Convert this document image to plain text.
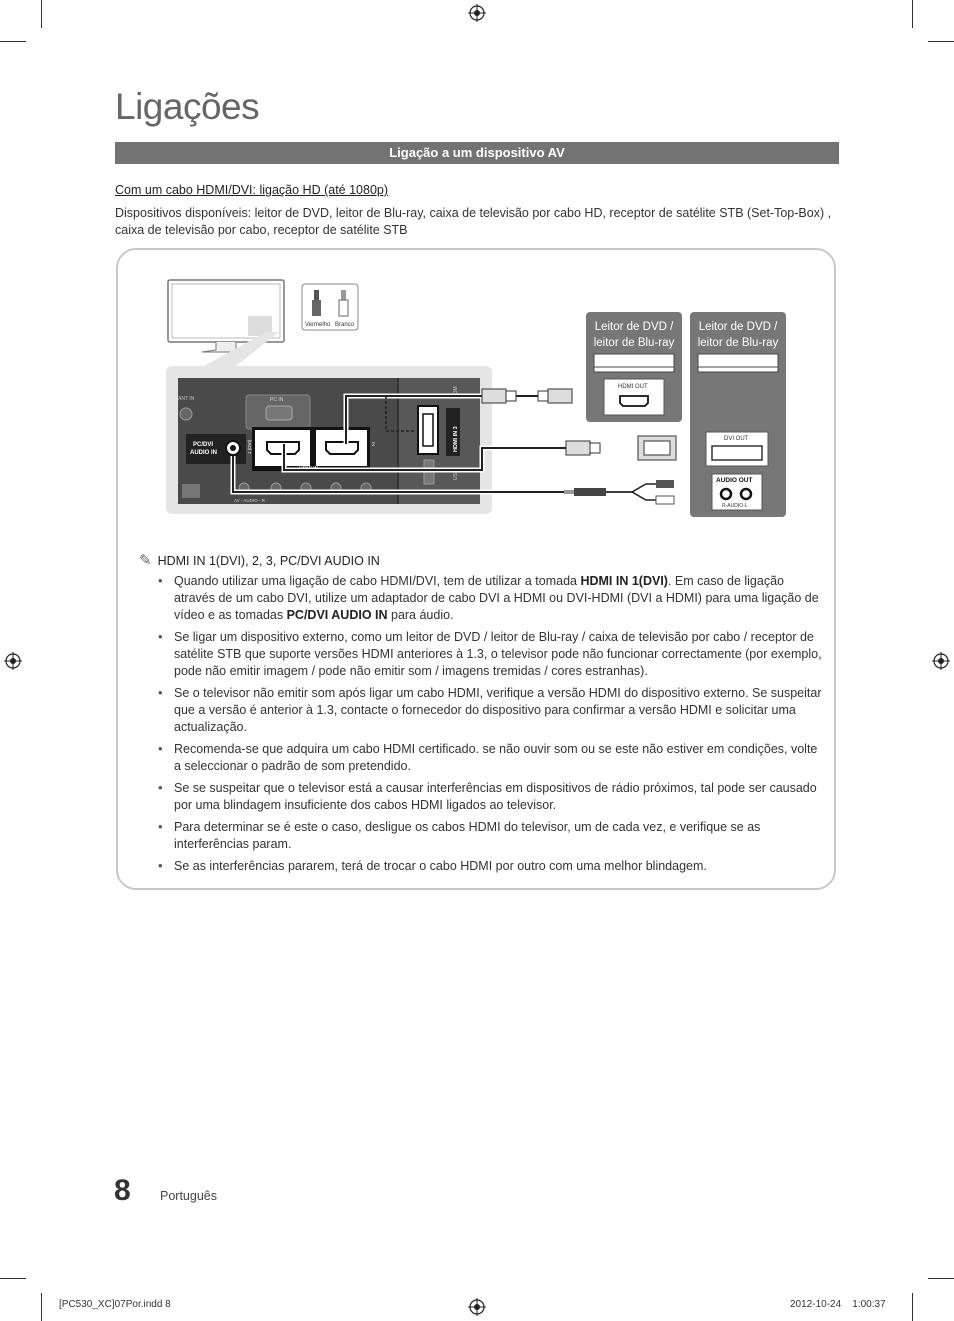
Ligações
Ligação a um dispositivo AV
Com um cabo HDMI/DVI: ligação HD (até 1080p)
Dispositivos disponíveis: leitor de DVD, leitor de Blu-ray, caixa de televisão por cabo HD, receptor de satélite STB (Set-Top-Box) , caixa de televisão por cabo, receptor de satélite STB
Vermelho Branco
ANT IN	PC IN
PC/DVI
AUDIO IN	1 (DVI)	2
HDMI IN
HDMI IN 3
COM
USB
AV - AUDIO - R
Leitor de DVD /
leitor de Blu-ray
HDMI OUT
Leitor de DVD /
leitor de Blu-ray
DVI OUT
AUDIO OUT
R-AUDIO-L
✎ HDMI IN 1(DVI), 2, 3, PC/DVI AUDIO IN
• Quando utilizar uma ligação de cabo HDMI/DVI, tem de utilizar a tomada HDMI IN 1(DVI). Em caso de ligação através de um cabo DVI, utilize um adaptador de cabo DVI a HDMI ou DVI-HDMI (DVI a HDMI) para uma ligação de vídeo e as tomadas PC/DVI AUDIO IN para áudio.
• Se ligar um dispositivo externo, como um leitor de DVD / leitor de Blu-ray / caixa de televisão por cabo / receptor de satélite STB que suporte versões HDMI anteriores à 1.3, o televisor pode não funcionar correctamente (por exemplo, pode não emitir imagem / pode não emitir som / imagens tremidas / cores estranhas).
• Se o televisor não emitir som após ligar um cabo HDMI, verifique a versão HDMI do dispositivo externo. Se suspeitar que a versão é anterior à 1.3, contacte o fornecedor do dispositivo para confirmar a versão HDMI e solicitar uma actualização.
• Recomenda-se que adquira um cabo HDMI certificado. se não ouvir som ou se este não estiver em condições, volte a seleccionar o padrão de som pretendido.
• Se se suspeitar que o televisor está a causar interferências em dispositivos de rádio próximos, tal pode ser causado por uma blindagem insuficiente dos cabos HDMI ligados ao televisor.
• Para determinar se é este o caso, desligue os cabos HDMI do televisor, um de cada vez, e verifique se as interferências param.
• Se as interferências pararem, terá de trocar o cabo HDMI por outro com uma melhor blindagem.
8 Português
[PC530_XC]07Por.indd 8	2012-10-24    1:00:37
